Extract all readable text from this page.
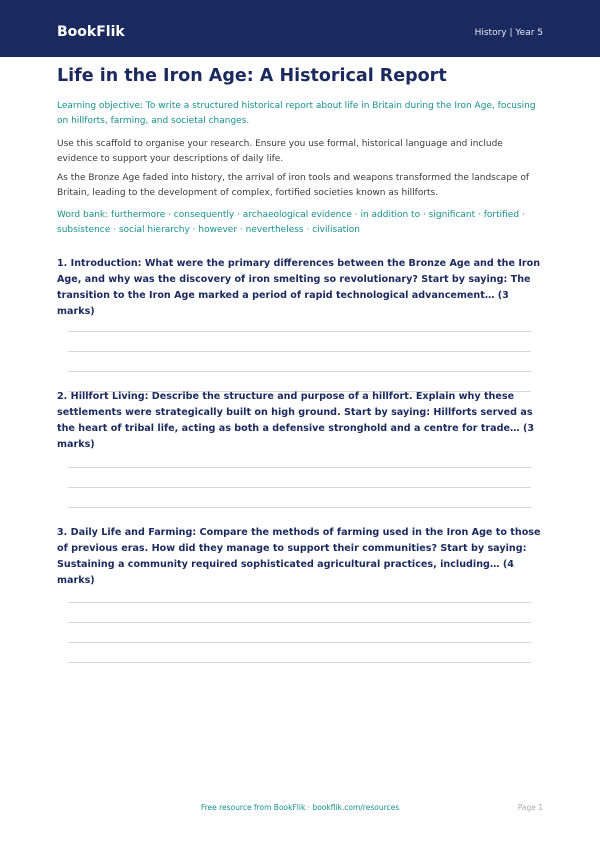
BookFlik	History | Year 5
Life in the Iron Age: A Historical Report

Learning objective: To write a structured historical report about life in Britain during the Iron Age, focusing on hillforts, farming, and societal changes.

Use this scaffold to organise your research. Ensure you use formal, historical language and include evidence to support your descriptions of daily life.

As the Bronze Age faded into history, the arrival of iron tools and weapons transformed the landscape of Britain, leading to the development of complex, fortified societies known as hillforts.

Word bank: furthermore · consequently · archaeological evidence · in addition to · significant · fortified · subsistence · social hierarchy · however · nevertheless · civilisation

1. Introduction: What were the primary differences between the Bronze Age and the Iron Age, and why was the discovery of iron smelting so revolutionary? Start by saying: The transition to the Iron Age marked a period of rapid technological advancement… (3 marks)

2. Hillfort Living: Describe the structure and purpose of a hillfort. Explain why these settlements were strategically built on high ground. Start by saying: Hillforts served as the heart of tribal life, acting as both a defensive stronghold and a centre for trade… (3 marks)

3. Daily Life and Farming: Compare the methods of farming used in the Iron Age to those of previous eras. How did they manage to support their communities? Start by saying: Sustaining a community required sophisticated agricultural practices, including… (4 marks)

Free resource from BookFlik · bookflik.com/resources	Page 1
